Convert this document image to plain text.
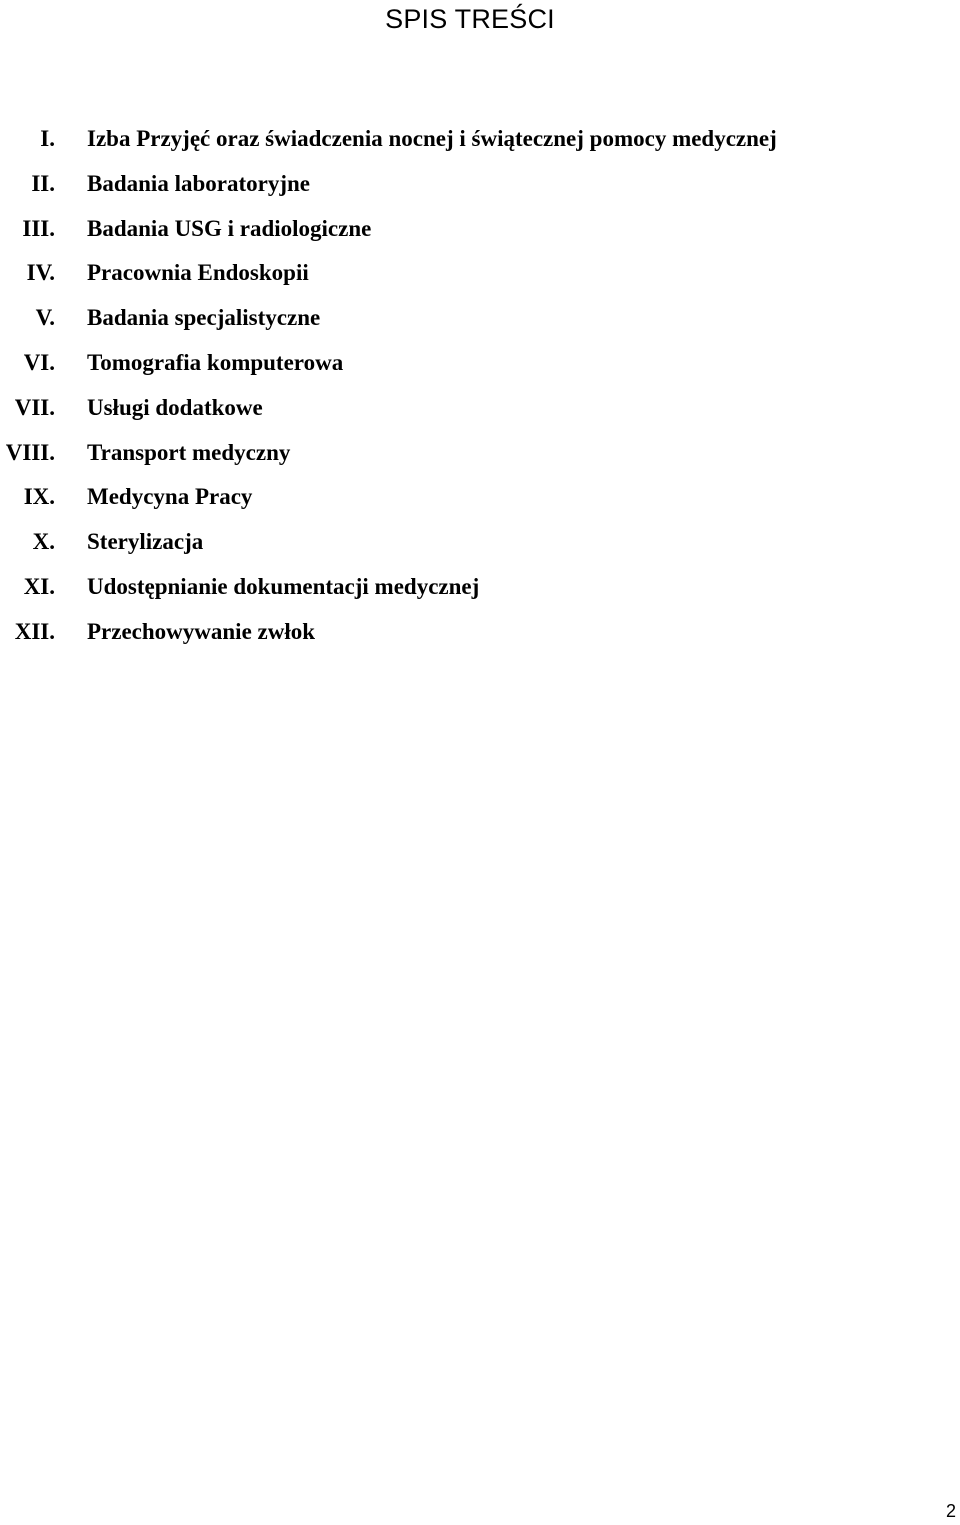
SPIS TREŚCI
I. Izba Przyjęć oraz świadczenia nocnej i świątecznej pomocy medycznej
II. Badania laboratoryjne
III. Badania USG i radiologiczne
IV. Pracownia Endoskopii
V. Badania specjalistyczne
VI. Tomografia komputerowa
VII. Usługi dodatkowe
VIII. Transport medyczny
IX. Medycyna Pracy
X. Sterylizacja
XI. Udostępnianie dokumentacji medycznej
XII. Przechowywanie zwłok
2
